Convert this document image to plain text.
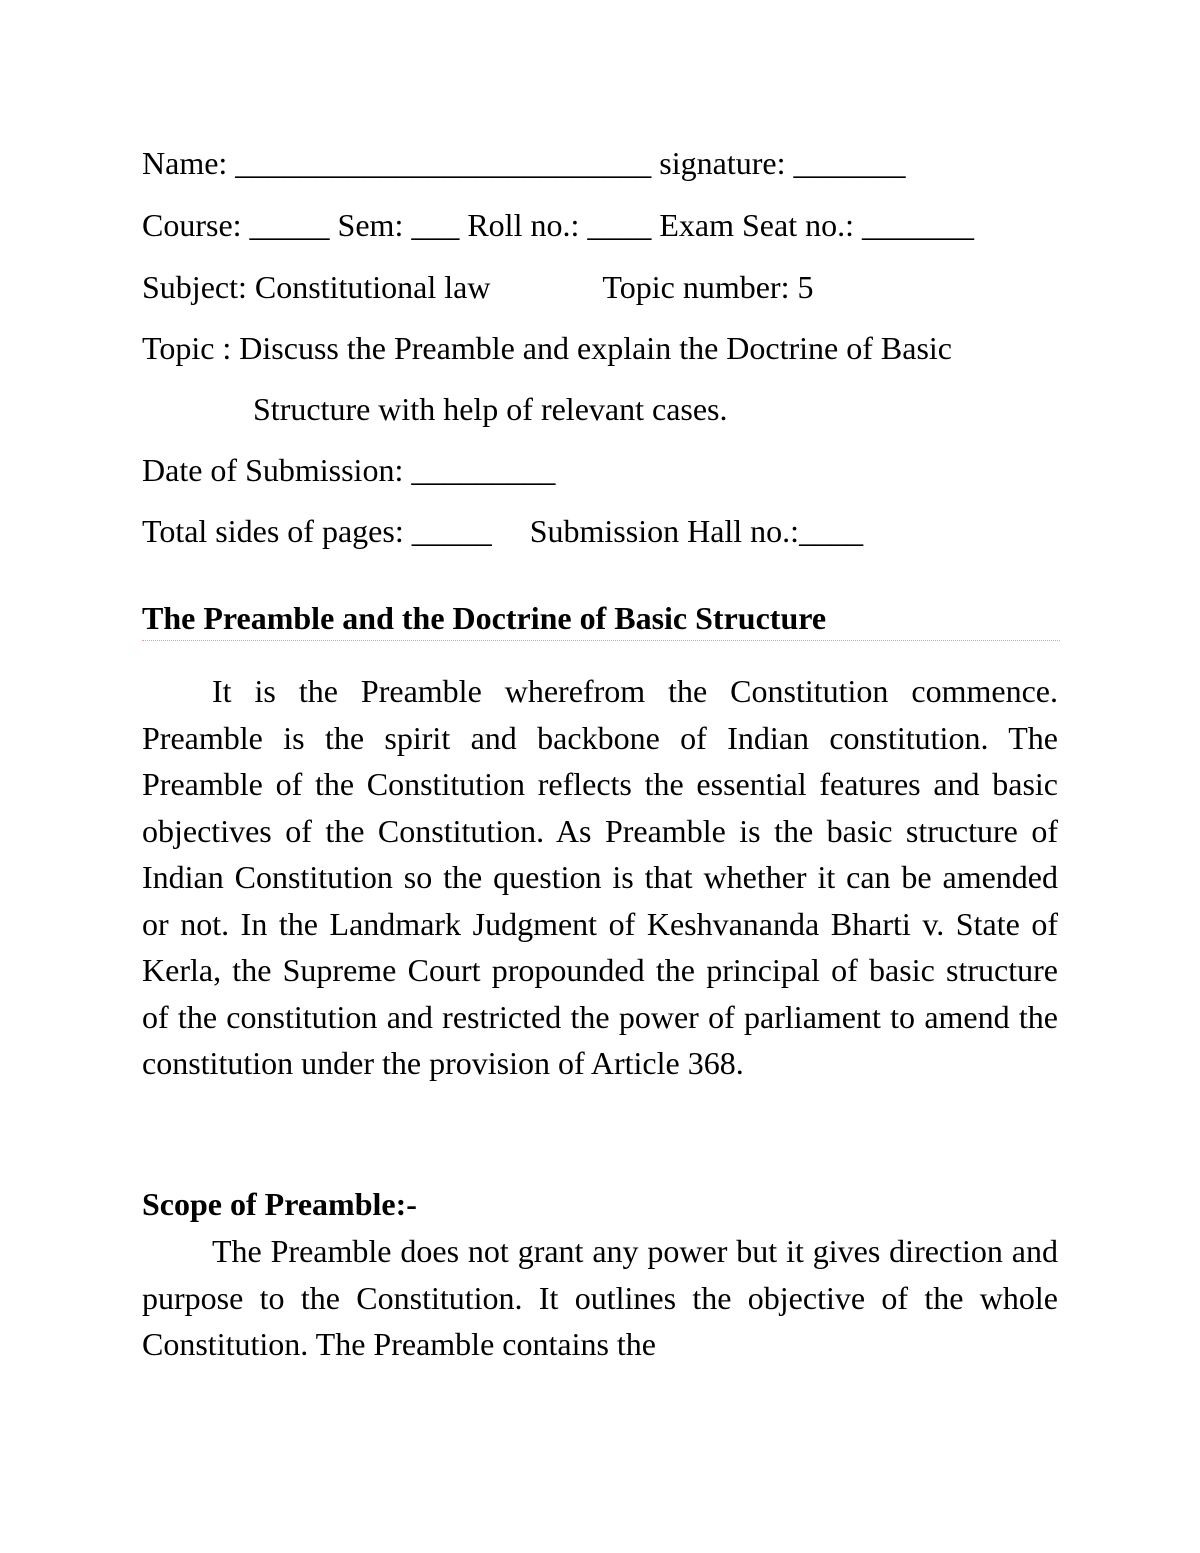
Name: __________________________ signature: _______
Course: _____ Sem: ___ Roll no.: ____ Exam Seat no.: _______
Subject: Constitutional law	Topic number: 5
Topic : Discuss the Preamble and explain the Doctrine of Basic
Structure with help of relevant cases.
Date of Submission: _________
Total sides of pages: _____ Submission Hall no.:____
The Preamble and the Doctrine of Basic Structure

It is the Preamble wherefrom the Constitution commence. Preamble is the spirit and backbone of Indian constitution. The Preamble of the Constitution reflects the essential features and basic objectives of the Constitution. As Preamble is the basic structure of Indian Constitution so the question is that whether it can be amended or not. In the Landmark Judgment of Keshvananda Bharti v. State of Kerla, the Supreme Court propounded the principal of basic structure of the constitution and restricted the power of parliament to amend the constitution under the provision of Article 368.

Scope of Preamble:-

The Preamble does not grant any power but it gives direction and purpose to the Constitution. It outlines the objective of the whole Constitution. The Preamble contains the
